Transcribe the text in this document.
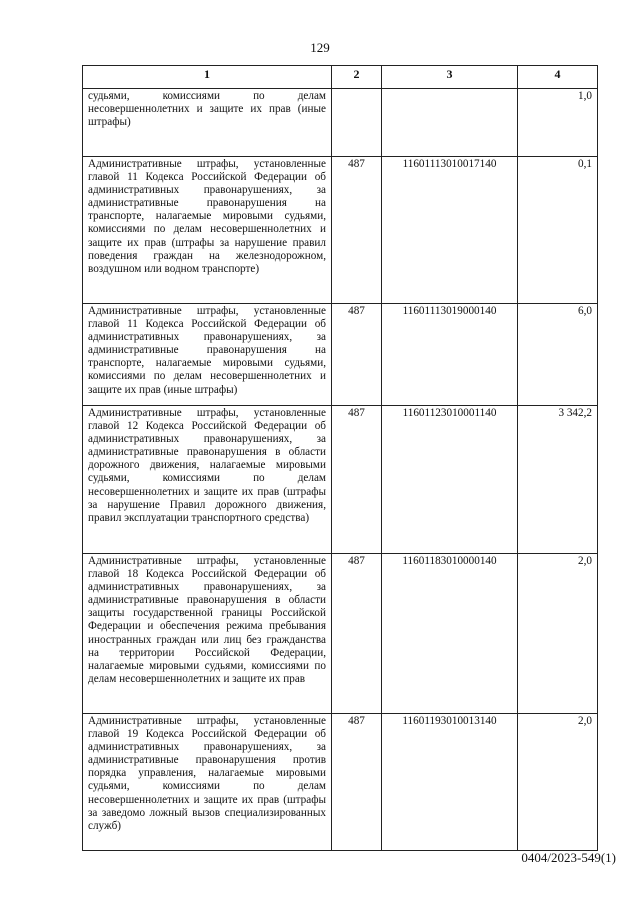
129
1	2	3	4
судьями, комиссиями по делам несовершеннолетних и защите их прав (иные штрафы)			1,0
Административные штрафы, установленные главой 11 Кодекса Российской Федерации об административных правонарушениях, за административные правонарушения на транспорте, налагаемые мировыми судьями, комиссиями по делам несовершеннолетних и защите их прав (штрафы за нарушение правил поведения граждан на железнодорожном, воздушном или водном транспорте)	487	11601113010017140	0,1
Административные штрафы, установленные главой 11 Кодекса Российской Федерации об административных правонарушениях, за административные правонарушения на транспорте, налагаемые мировыми судьями, комиссиями по делам несовершеннолетних и защите их прав (иные штрафы)	487	11601113019000140	6,0
Административные штрафы, установленные главой 12 Кодекса Российской Федерации об административных правонарушениях, за административные правонарушения в области дорожного движения, налагаемые мировыми судьями, комиссиями по делам несовершеннолетних и защите их прав (штрафы за нарушение Правил дорожного движения, правил эксплуатации транспортного средства)	487	11601123010001140	3 342,2
Административные штрафы, установленные главой 18 Кодекса Российской Федерации об административных правонарушениях, за административные правонарушения в области защиты государственной границы Российской Федерации и обеспечения режима пребывания иностранных граждан или лиц без гражданства на территории Российской Федерации, налагаемые мировыми судьями, комиссиями по делам несовершеннолетних и защите их прав	487	11601183010000140	2,0
Административные штрафы, установленные главой 19 Кодекса Российской Федерации об административных правонарушениях, за административные правонарушения против порядка управления, налагаемые мировыми судьями, комиссиями по делам несовершеннолетних и защите их прав (штрафы за заведомо ложный вызов специализированных служб)	487	11601193010013140	2,0
0404/2023-549(1)
